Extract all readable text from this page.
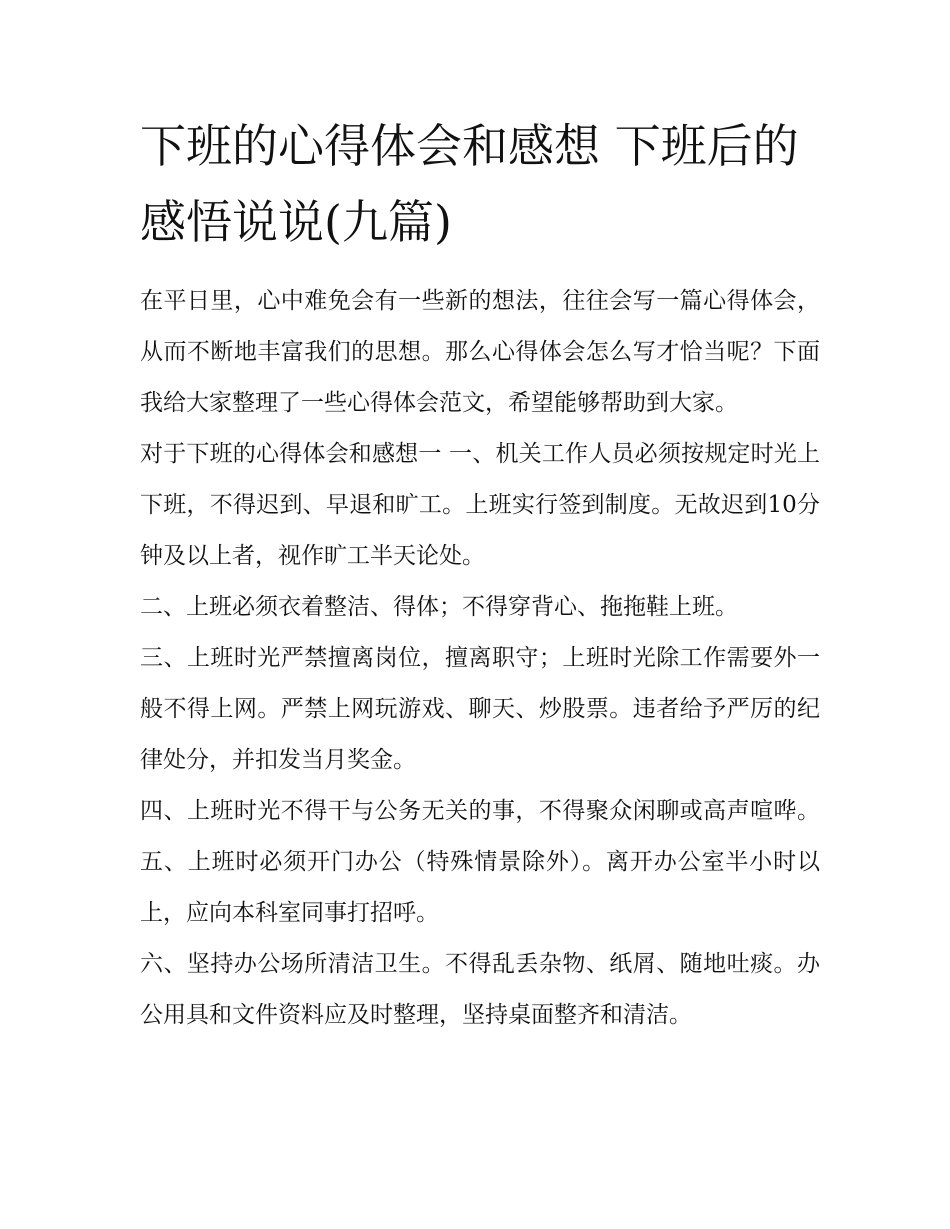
下班的心得体会和感想 下班后的感悟说说(九篇)

在平日里，心中难免会有一些新的想法，往往会写一篇心得体会，从而不断地丰富我们的思想。那么心得体会怎么写才恰当呢？下面我给大家整理了一些心得体会范文，希望能够帮助到大家。

对于下班的心得体会和感想一 一、机关工作人员必须按规定时光上下班，不得迟到、早退和旷工。上班实行签到制度。无故迟到10分钟及以上者，视作旷工半天论处。

二、上班必须衣着整洁、得体；不得穿背心、拖拖鞋上班。

三、上班时光严禁擅离岗位，擅离职守；上班时光除工作需要外一般不得上网。严禁上网玩游戏、聊天、炒股票。违者给予严厉的纪律处分，并扣发当月奖金。

四、上班时光不得干与公务无关的事，不得聚众闲聊或高声喧哗。 五、上班时必须开门办公（特殊情景除外）。离开办公室半小时以上，应向本科室同事打招呼。

六、坚持办公场所清洁卫生。不得乱丢杂物、纸屑、随地吐痰。办公用具和文件资料应及时整理，坚持桌面整齐和清洁。
